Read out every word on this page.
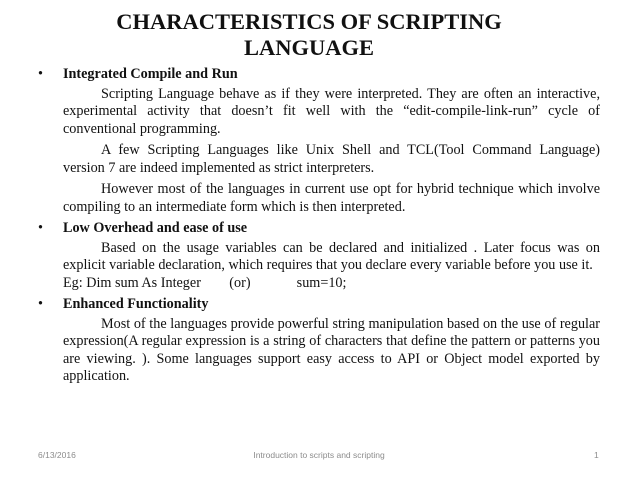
CHARACTERISTICS OF SCRIPTING
LANGUAGE
• Integrated Compile and Run

Scripting Language behave as if they were interpreted. They are often an interactive, experimental activity that doesn’t fit well with the “edit-compile-link-run” cycle of conventional programming.

A few Scripting Languages like Unix Shell and TCL(Tool Command Language) version 7 are indeed implemented as strict interpreters.

However most of the languages in current use opt for hybrid technique which involve compiling to an intermediate form which is then interpreted.

• Low Overhead and ease of use

Based on the usage variables can be declared and initialized . Later focus was on explicit variable declaration, which requires that you declare every variable before you use it.

Eg: Dim sum As Integer        (or)             sum=10;

• Enhanced Functionality

Most of the languages provide powerful string manipulation based on the use of regular expression(A regular expression is a string of characters that define the pattern or patterns you are viewing. ). Some languages support easy access to API or Object model exported by application.

6/13/2016	Introduction to scripts and scripting	1
